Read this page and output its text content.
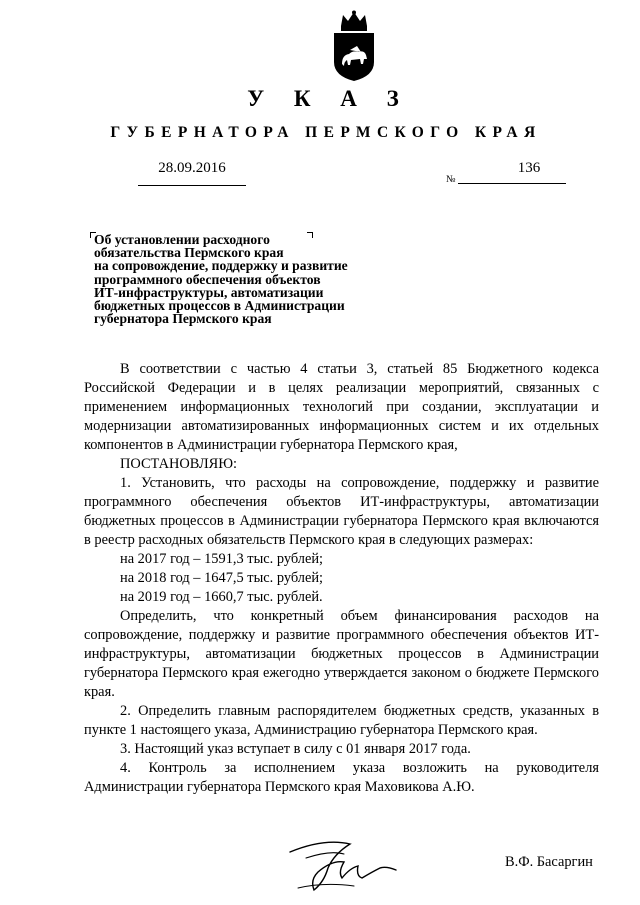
У К А З
ГУБЕРНАТОРА ПЕРМСКОГО КРАЯ
28.09.2016
№
136
Об установлении расходного
обязательства Пермского края
на сопровождение, поддержку и развитие
программного обеспечения объектов
ИТ-инфраструктуры, автоматизации
бюджетных процессов в Администрации
губернатора Пермского края

В соответствии с частью 4 статьи 3, статьей 85 Бюджетного кодекса Российской Федерации и в целях реализации мероприятий, связанных с применением информационных технологий при создании, эксплуатации и модернизации автоматизированных информационных систем и их отдельных компонентов в Администрации губернатора Пермского края,

ПОСТАНОВЛЯЮ:

1. Установить, что расходы на сопровождение, поддержку и развитие программного обеспечения объектов ИТ-инфраструктуры, автоматизации бюджетных процессов в Администрации губернатора Пермского края включаются в реестр расходных обязательств Пермского края в следующих размерах:

на 2017 год – 1591,3 тыс. рублей;

на 2018 год – 1647,5 тыс. рублей;

на 2019 год – 1660,7 тыс. рублей.

Определить, что конкретный объем финансирования расходов на сопровождение, поддержку и развитие программного обеспечения объектов ИТ-инфраструктуры, автоматизации бюджетных процессов в Администрации губернатора Пермского края ежегодно утверждается законом о бюджете Пермского края.

2. Определить главным распорядителем бюджетных средств, указанных в пункте 1 настоящего указа, Администрацию губернатора Пермского края.

3. Настоящий указ вступает в силу с 01 января 2017 года.

4. Контроль за исполнением указа возложить на руководителя Администрации губернатора Пермского края Маховикова А.Ю.

В.Ф. Басаргин
